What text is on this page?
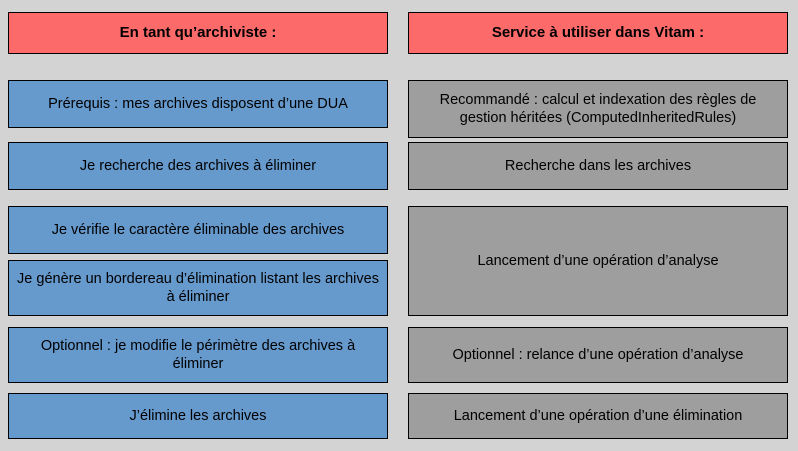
En tant qu’archiviste :
Prérequis : mes archives disposent d’une DUA
Je recherche des archives à éliminer
Je vérifie le caractère éliminable des archives
Je génère un bordereau d’élimination listant les archives à éliminer
Optionnel : je modifie le périmètre des archives à éliminer
J’élimine les archives
Service à utiliser dans Vitam :
Recommandé : calcul et indexation des règles de gestion héritées (ComputedInheritedRules)
Recherche dans les archives
Lancement d’une opération d’analyse
Optionnel : relance d’une opération d’analyse
Lancement d’une opération d’une élimination
